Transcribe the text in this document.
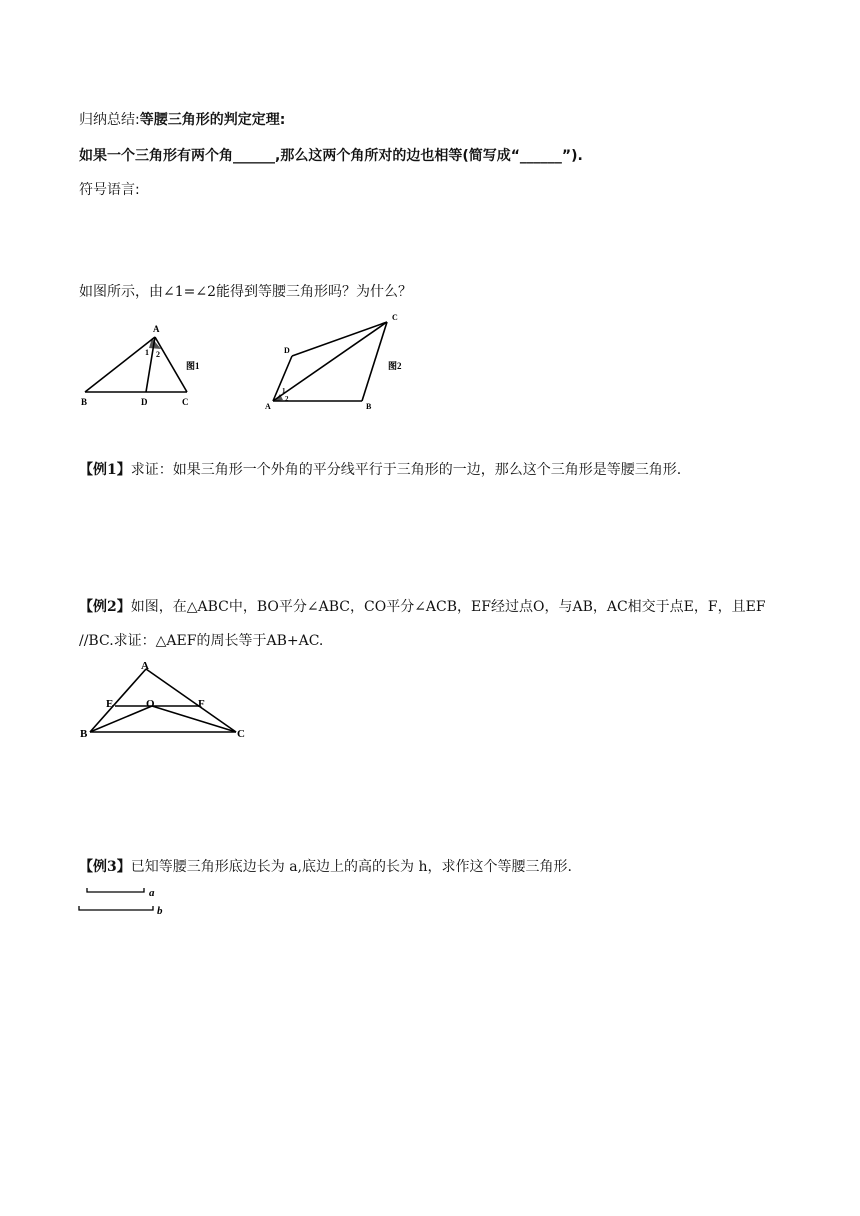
归纳总结:等腰三角形的判定定理:
如果一个三角形有两个角______,那么这两个角所对的边也相等(简写成“______”).
符号语言:
如图所示，由∠1=∠2能得到等腰三角形吗？为什么？
A
B	D	C
1 2
图1
C
D
A	B
1
2
图2
【例1】求证：如果三角形一个外角的平分线平行于三角形的一边，那么这个三角形是等腰三角形.
【例2】如图，在△ABC中，BO平分∠ABC，CO平分∠ACB，EF经过点O，与AB，AC相交于点E，F，且EF
//BC.求证：△AEF的周长等于AB+AC.
A
E	O	F
B	C
【例3】已知等腰三角形底边长为 a,底边上的高的长为 h，求作这个等腰三角形.
a
b
